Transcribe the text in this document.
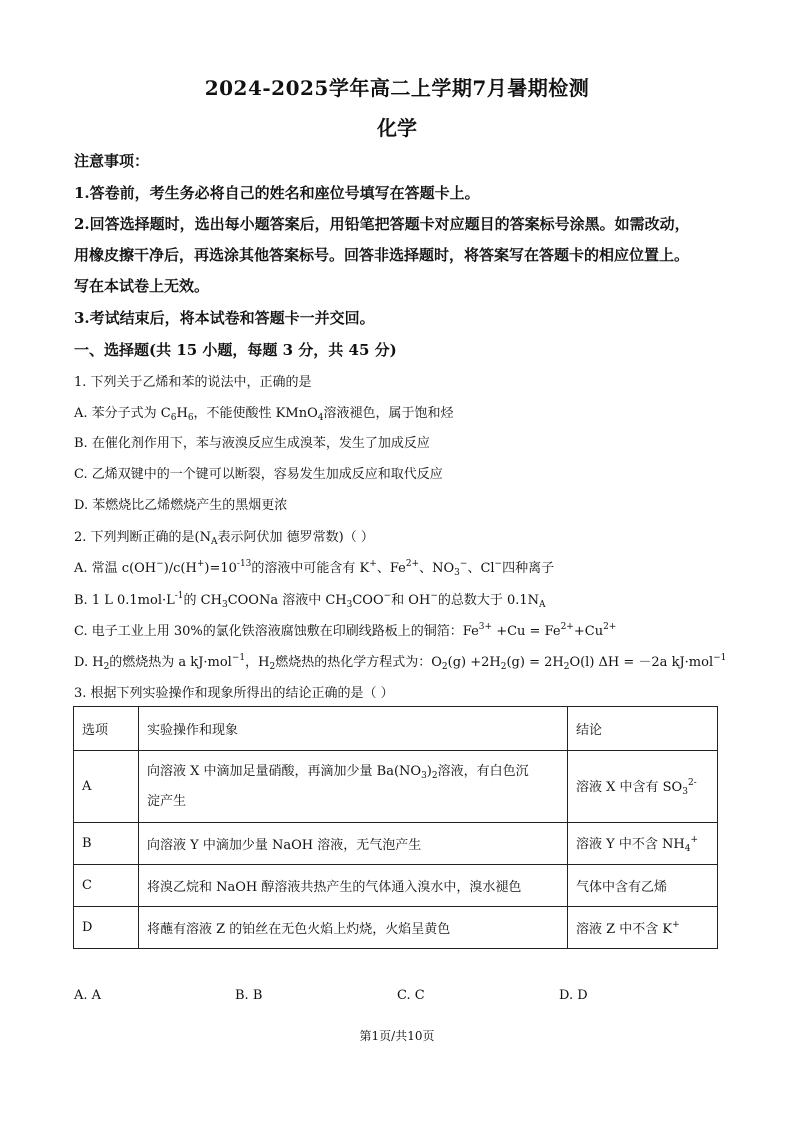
2024-2025学年高二上学期7月暑期检测
化学
注意事项：
1.答卷前，考生务必将自己的姓名和座位号填写在答题卡上。
2.回答选择题时，选出每小题答案后，用铅笔把答题卡对应题目的答案标号涂黑。如需改动，
用橡皮擦干净后，再选涂其他答案标号。回答非选择题时，将答案写在答题卡的相应位置上。
写在本试卷上无效。
3.考试结束后，将本试卷和答题卡一并交回。
一、选择题(共 15 小题，每题 3 分，共 45 分)
1. 下列关于乙烯和苯的说法中，正确的是
A. 苯分子式为 $C_6H_6$，不能使酸性 KMnO$_4$溶液褪色，属于饱和烃
B. 在催化剂作用下，苯与液溴反应生成溴苯，发生了加成反应
C. 乙烯双键中的一个键可以断裂，容易发生加成反应和取代反应
D. 苯燃烧比乙烯燃烧产生的黑烟更浓
2. 下列判断正确的是($N_A$表示阿伏加 德罗常数)（ ）
A. 常温 $c(OH^-)/c(H^+)=10^{-13}$的溶液中可能含有 K+、$Fe^{2+}$、$NO_3^-$、Cl−四种离子
B. 1 L $0.1mol\cdot L^{-1}$的 $CH_3COONa$ 溶液中 $CH_3COO^-$和 OH−的总数大于 $0.1N_A$
C. 电子工业上用 30%的氯化铁溶液腐蚀敷在印刷线路板上的铜箔：$Fe^{3+} +Cu = Fe^{2+}+Cu^{2+}$
D. $H_2$的燃烧热为 a kJ·mol$^{-1}$，$H_2$燃烧热的热化学方程式为：$O_2(g) +2H_2(g) = 2H_2O(l) \Delta H = -2a$ kJ·mol$^{-1}$
3. 根据下列实验操作和现象所得出的结论正确的是（ ）
选项	实验操作和现象	结论
A	向溶液 X 中滴加足量硝酸，再滴加少量 $Ba(NO_3)_2$溶液，有白色沉
淀产生	溶液 X 中含有 $SO_3^{2-}$
B	向溶液 Y 中滴加少量 NaOH 溶液，无气泡产生	溶液 Y 中不含 $NH_4^+$
C	将溴乙烷和 NaOH 醇溶液共热产生的气体通入溴水中，溴水褪色	气体中含有乙烯
D	将蘸有溶液 Z 的铂丝在无色火焰上灼烧，火焰呈黄色	溶液 Z 中不含 K+
A. A	B. B	C. C	D. D
第1页/共10页
